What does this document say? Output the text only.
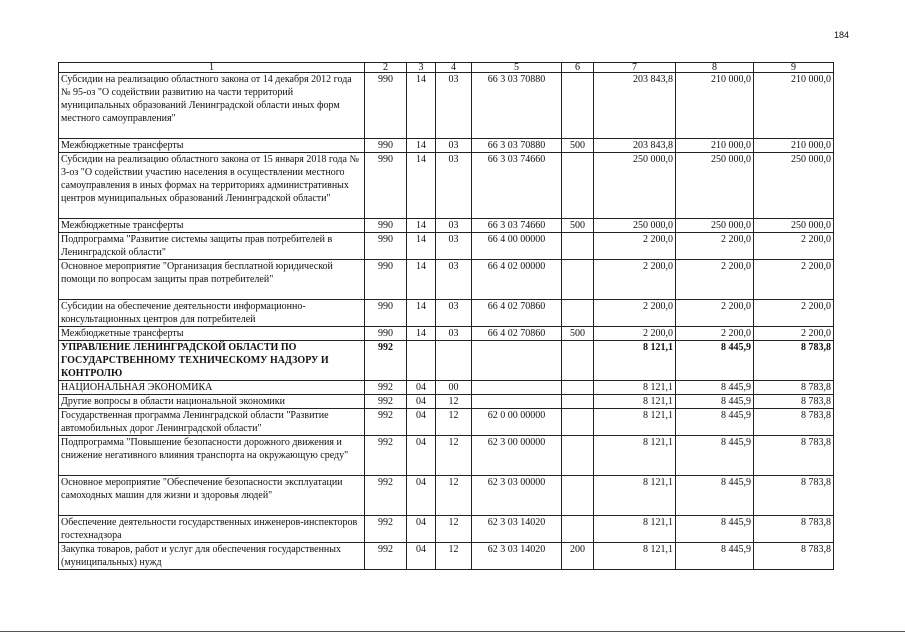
184
1	2	3	4	5	6	7	8	9
Субсидии на реализацию областного закона от 14 декабря 2012 года № 95-оз "О содействии развитию на части территорий муниципальных образований Ленинградской области иных форм местного самоуправления"	990	14	03	66 3 03 70880		203 843,8	210 000,0	210 000,0
Межбюджетные трансферты	990	14	03	66 3 03 70880	500	203 843,8	210 000,0	210 000,0
Субсидии на реализацию областного закона от 15 января 2018 года № 3-оз "О содействии участию населения в осуществлении местного самоуправления в иных формах на территориях административных центров муниципальных образований Ленинградской области"	990	14	03	66 3 03 74660		250 000,0	250 000,0	250 000,0
Межбюджетные трансферты	990	14	03	66 3 03 74660	500	250 000,0	250 000,0	250 000,0
Подпрограмма "Развитие системы защиты прав потребителей в Ленинградской области"	990	14	03	66 4 00 00000		2 200,0	2 200,0	2 200,0
Основное мероприятие "Организация бесплатной юридической помощи по вопросам защиты прав потребителей"	990	14	03	66 4 02 00000		2 200,0	2 200,0	2 200,0
Субсидии на обеспечение деятельности информационно-консультационных центров для потребителей	990	14	03	66 4 02 70860		2 200,0	2 200,0	2 200,0
Межбюджетные трансферты	990	14	03	66 4 02 70860	500	2 200,0	2 200,0	2 200,0
УПРАВЛЕНИЕ ЛЕНИНГРАДСКОЙ ОБЛАСТИ ПО ГОСУДАРСТВЕННОМУ ТЕХНИЧЕСКОМУ НАДЗОРУ И КОНТРОЛЮ	992					8 121,1	8 445,9	8 783,8
НАЦИОНАЛЬНАЯ ЭКОНОМИКА	992	04	00			8 121,1	8 445,9	8 783,8
Другие вопросы в области национальной экономики	992	04	12			8 121,1	8 445,9	8 783,8
Государственная программа Ленинградской области "Развитие автомобильных дорог Ленинградской области"	992	04	12	62 0 00 00000		8 121,1	8 445,9	8 783,8
Подпрограмма "Повышение безопасности дорожного движения и снижение негативного влияния транспорта на окружающую среду"	992	04	12	62 3 00 00000		8 121,1	8 445,9	8 783,8
Основное мероприятие "Обеспечение безопасности эксплуатации самоходных машин для жизни и здоровья людей"	992	04	12	62 3 03 00000		8 121,1	8 445,9	8 783,8
Обеспечение деятельности государственных инженеров-инспекторов гостехнадзора	992	04	12	62 3 03 14020		8 121,1	8 445,9	8 783,8
Закупка товаров, работ и услуг для обеспечения государственных (муниципальных) нужд	992	04	12	62 3 03 14020	200	8 121,1	8 445,9	8 783,8
